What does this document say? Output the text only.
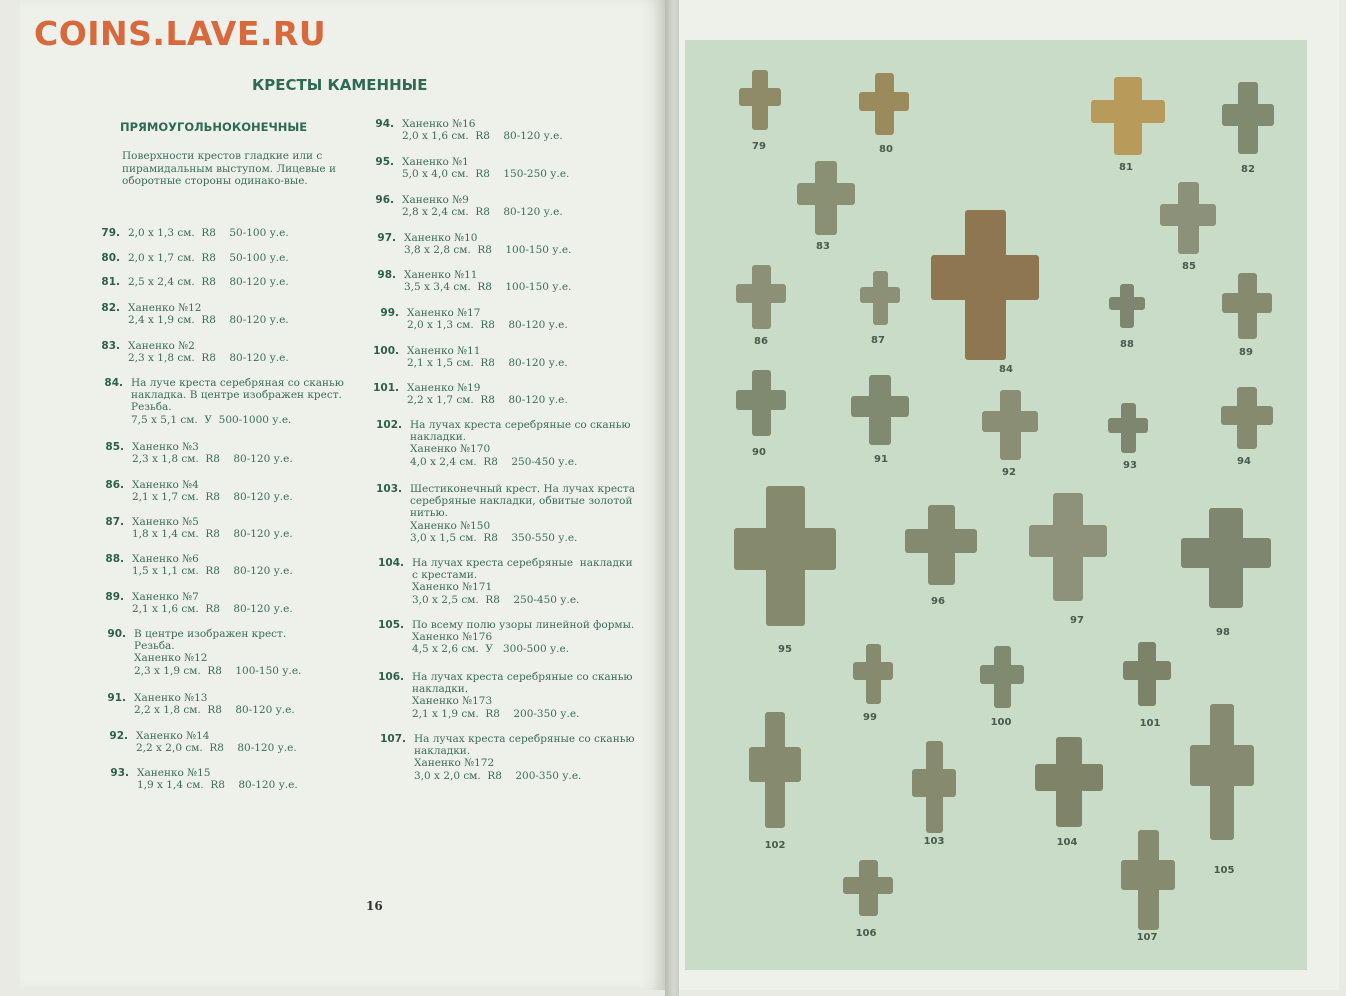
79	80
81	82
83
84
85
86	87	88
89
90
91
92
93	94
95
96
97
98
99	100	101
102	103	104
105
106	107
COINS.LAVE.RU
КРЕСТЫ КАМЕННЫЕ
ПРЯМОУГОЛЬНОКОНЕЧНЫЕ
Поверхности крестов гладкие или с пирамидальным выступом. Лицевые и оборотные стороны одинако-вые.
79. 2,0 х 1,3 см.  R8    50-100 у.е.
80. 2,0 х 1,7 см.  R8    50-100 у.е.
81. 2,5 х 2,4 см.  R8    80-120 у.е.
82. Ханенко №12
2,4 х 1,9 см.  R8    80-120 у.е.
83. Ханенко №2
2,3 х 1,8 см.  R8    80-120 у.е.
84. На луче креста серебряная со сканью
накладка. В центре изображен крест.
Резьба.
7,5 х 5,1 см.  У  500-1000 у.е.
85. Ханенко №3
2,3 х 1,8 см.  R8    80-120 у.е.
86. Ханенко №4
2,1 х 1,7 см.  R8    80-120 у.е.
87. Ханенко №5
1,8 х 1,4 см.  R8    80-120 у.е.
88. Ханенко №6
1,5 х 1,1 см.  R8    80-120 у.е.
89. Ханенко №7
2,1 х 1,6 см.  R8    80-120 у.е.
90. В центре изображен крест.
Резьба.
Ханенко №12
2,3 х 1,9 см.  R8    100-150 у.е.
91. Ханенко №13
2,2 х 1,8 см.  R8    80-120 у.е.
92. Ханенко №14
2,2 х 2,0 см.  R8    80-120 у.е.
93. Ханенко №15
1,9 х 1,4 см.  R8    80-120 у.е.
94. Ханенко №16
2,0 х 1,6 см.  R8    80-120 у.е.
95. Ханенко №1
5,0 х 4,0 см.  R8    150-250 у.е.
96. Ханенко №9
2,8 х 2,4 см.  R8    80-120 у.е.
97. Ханенко №10
3,8 х 2,8 см.  R8    100-150 у.е.
98. Ханенко №11
3,5 х 3,4 см.  R8    100-150 у.е.
99. Ханенко №17
2,0 х 1,3 см.  R8    80-120 у.е.
100. Ханенко №11
2,1 х 1,5 см.  R8    80-120 у.е.
101. Ханенко №19
2,2 х 1,7 см.  R8    80-120 у.е.
102. На лучах креста серебряные со сканью
накладки.
Ханенко №170
4,0 х 2,4 см.  R8    250-450 у.е.
103. Шестиконечный крест. На лучах креста
серебряные накладки, обвитые золотой
нитью.
Ханенко №150
3,0 х 1,5 см.  R8    350-550 у.е.
104. На лучах креста серебряные  накладки
с крестами.
Ханенко №171
3,0 х 2,5 см.  R8    250-450 у.е.
105. По всему полю узоры линейной формы.
Ханенко №176
4,5 х 2,6 см.  У   300-500 у.е.
106. На лучах креста серебряные со сканью
накладки.
Ханенко №173
2,1 х 1,9 см.  R8    200-350 у.е.
107. На лучах креста серебряные со сканью
накладки.
Ханенко №172
3,0 х 2,0 см.  R8    200-350 у.е.
16
